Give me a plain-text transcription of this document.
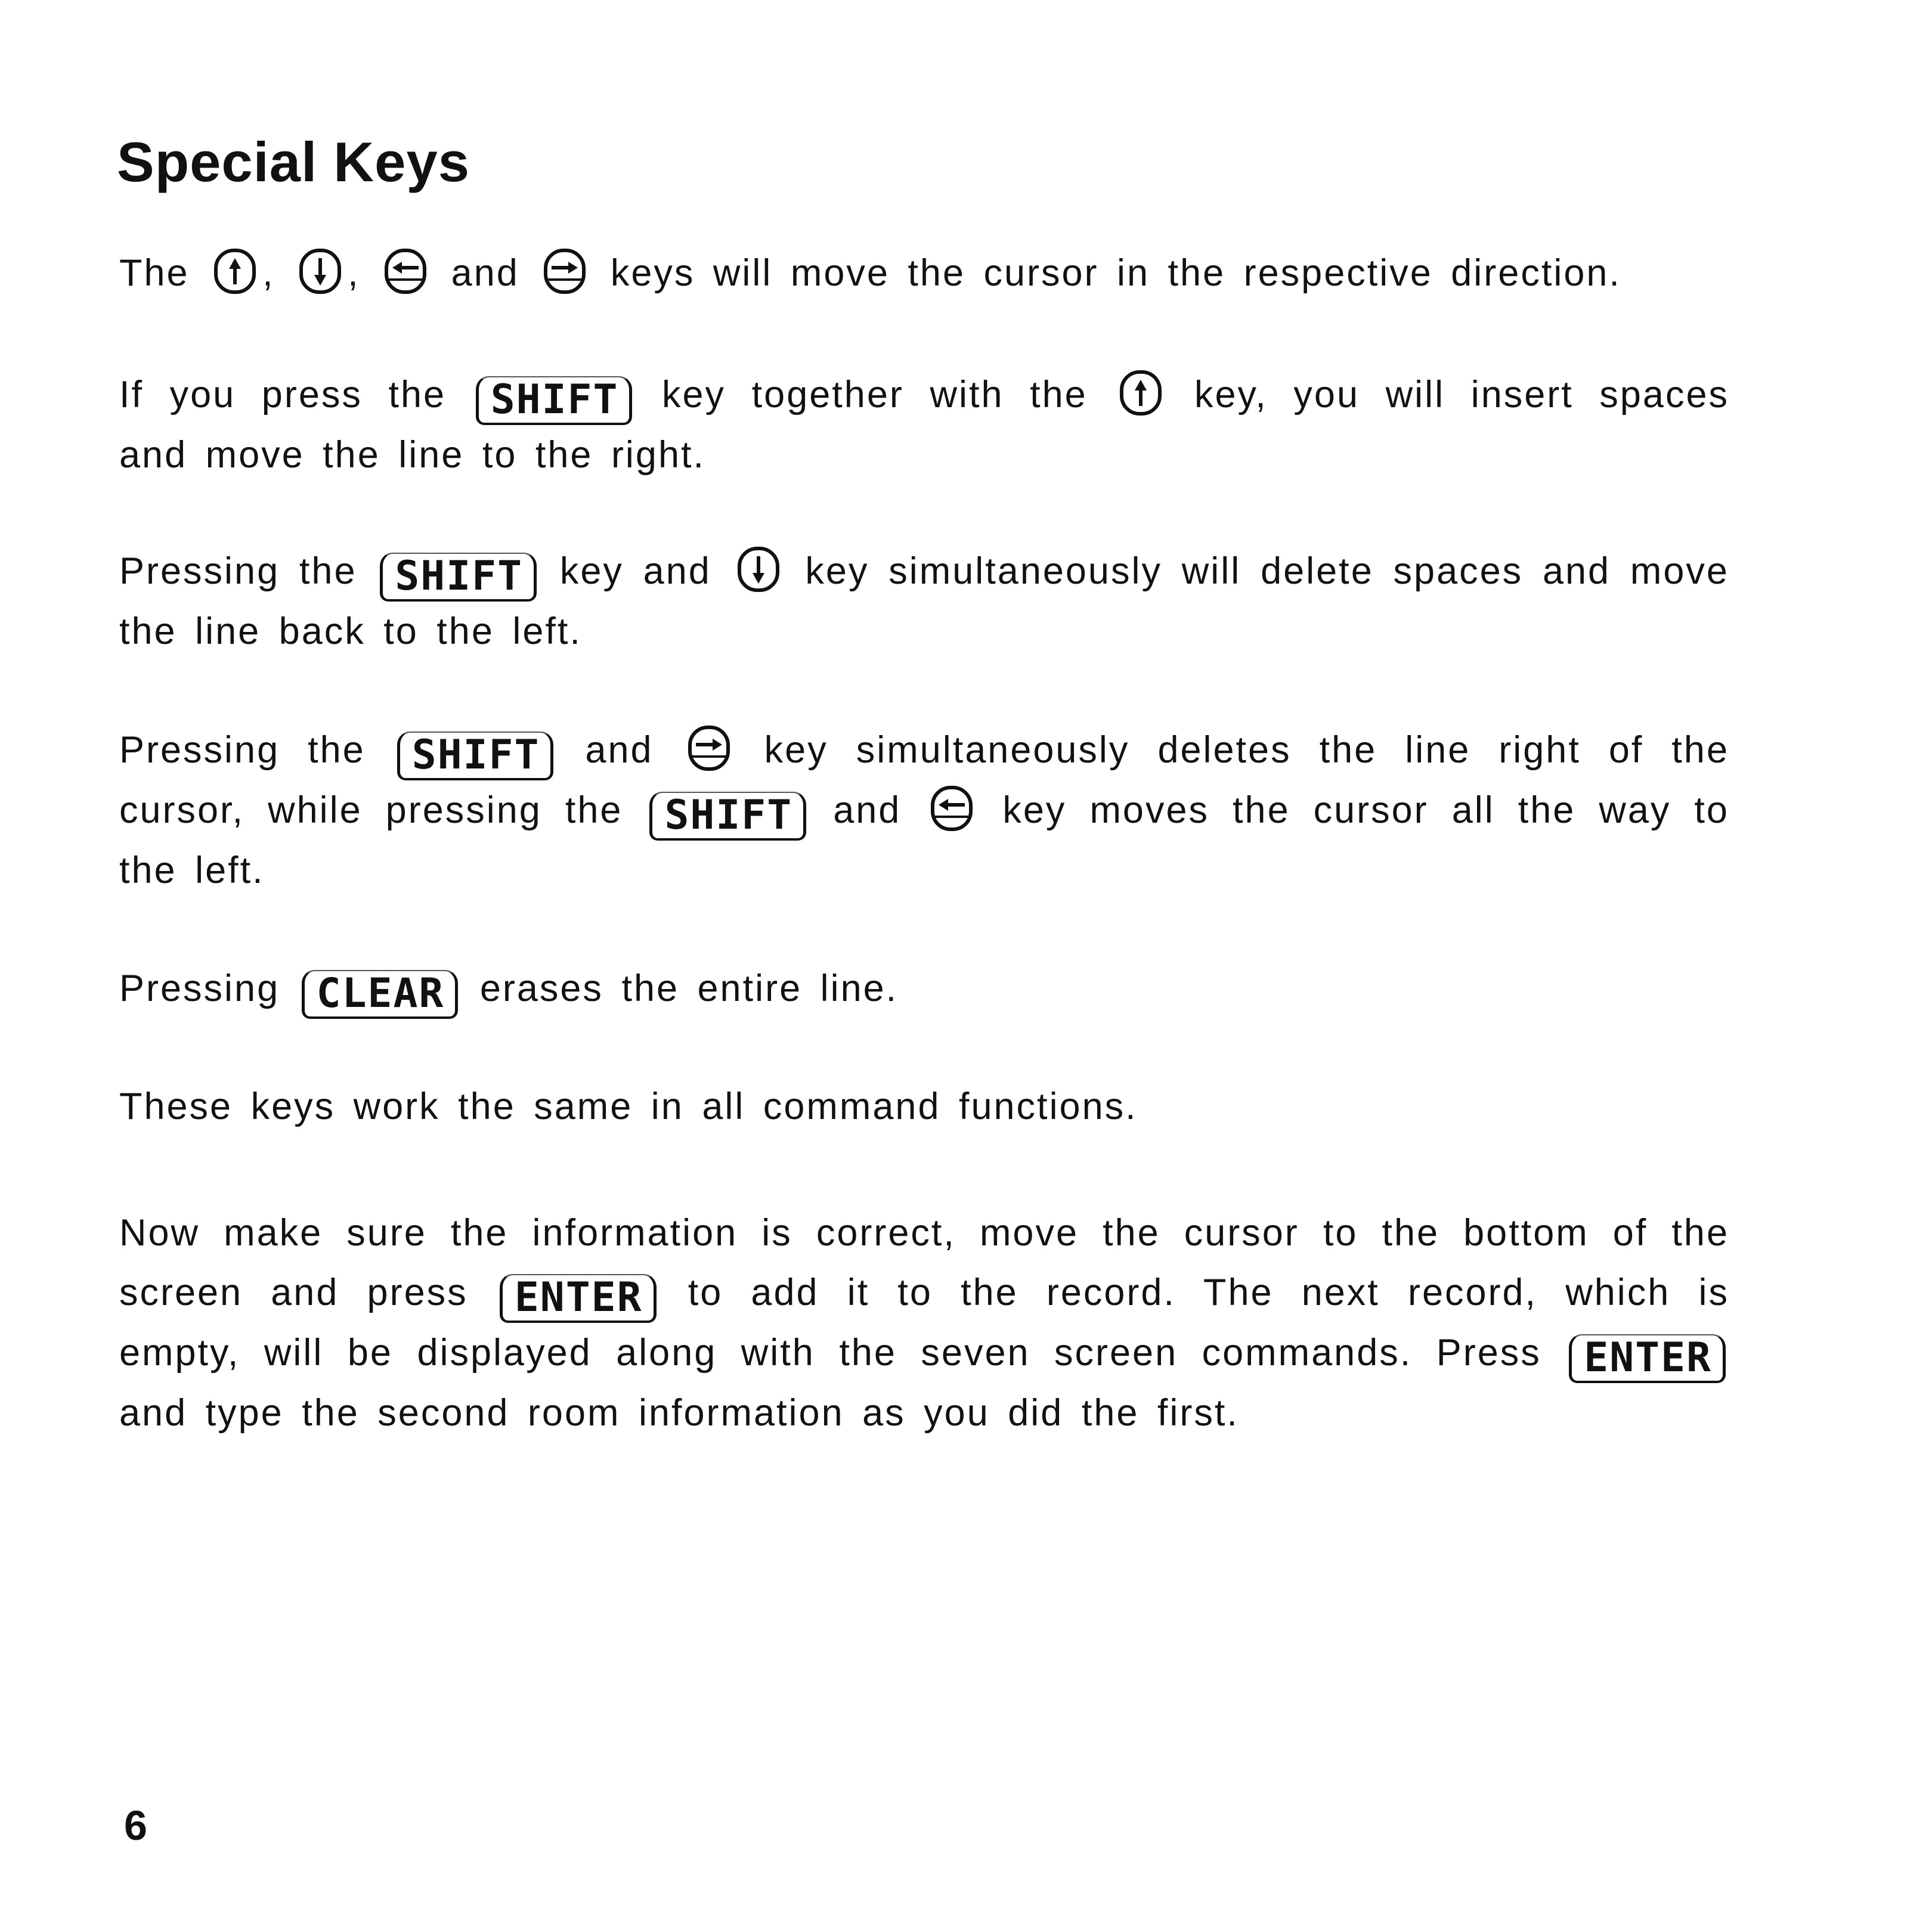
Special Keys

The , , and keys will move the cursor in the respective direction.

If you press the SHIFT key together with the	key, you will insert spaces
and move the line to the right.

Pressing the SHIFT key and	key simultaneously will delete spaces and move
the line back to the left.

Pressing the SHIFT and	key simultaneously deletes the line right of the
cursor, while pressing the SHIFT and	key moves the cursor all the way to
the left.

Pressing CLEAR erases the entire line.

These keys work the same in all command functions.

Now make sure the information is correct, move the cursor to the bottom of the
screen and press ENTER to add it to the record. The next record, which is
empty, will be displayed along with the seven screen commands. Press ENTER
and type the second room information as you did the first.

6
